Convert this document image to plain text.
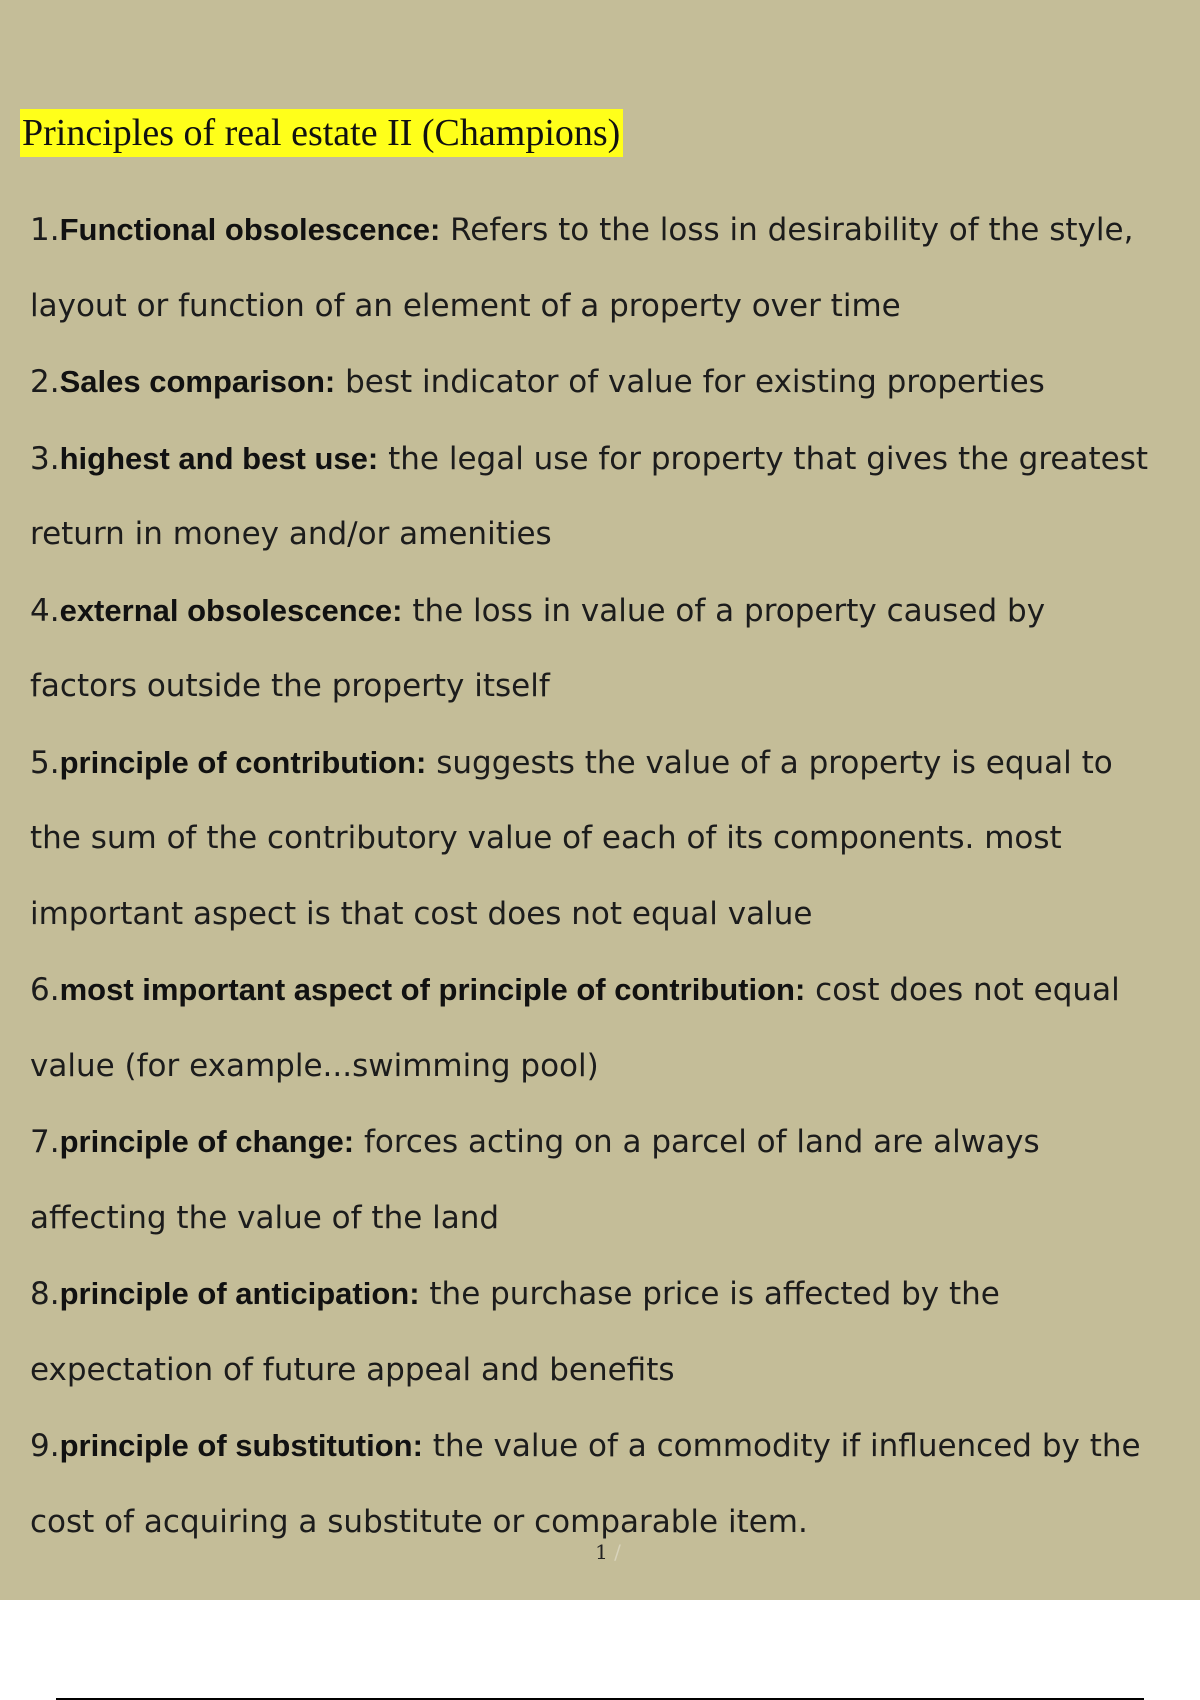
Principles of real estate II (Champions)
1.Functional obsolescence: Refers to the loss in desirability of the style,
layout or function of an element of a property over time
2.Sales comparison: best indicator of value for existing properties
3.highest and best use: the legal use for property that gives the greatest
return in money and/or amenities
4.external obsolescence: the loss in value of a property caused by
factors outside the property itself
5.principle of contribution: suggests the value of a property is equal to
the sum of the contributory value of each of its components. most
important aspect is that cost does not equal value
6.most important aspect of principle of contribution: cost does not equal
value (for example...swimming pool)
7.principle of change: forces acting on a parcel of land are always
affecting the value of the land
8.principle of anticipation: the purchase price is affected by the
expectation of future appeal and benefits
9.principle of substitution: the value of a commodity if influenced by the
cost of acquiring a substitute or comparable item.
1 /
